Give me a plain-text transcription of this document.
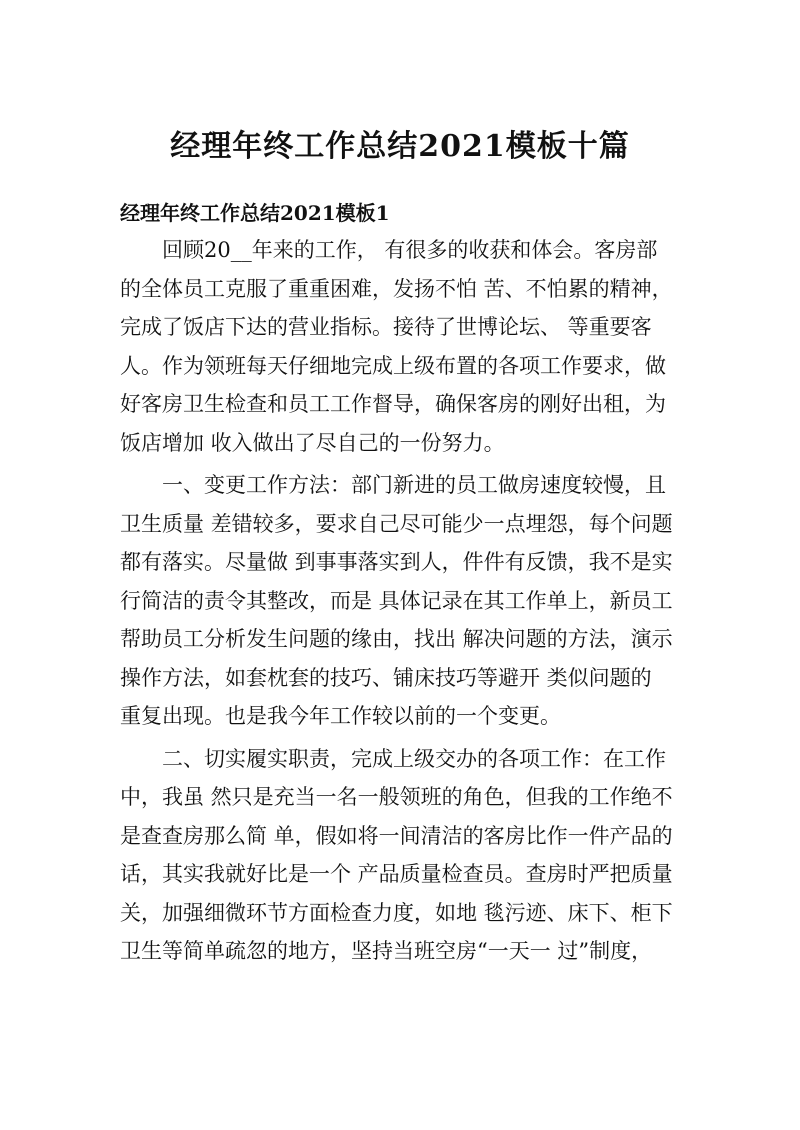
经理年终工作总结2021模板十篇
经理年终工作总结2021模板1
回顾20__年来的工作， 有很多的收获和体会。客房部
的全体员工克服了重重困难，发扬不怕 苦、不怕累的精神，
完成了饭店下达的营业指标。接待了世博论坛、 等重要客
人。作为领班每天仔细地完成上级布置的各项工作要求，做
好客房卫生检查和员工工作督导，确保客房的刚好出租，为
饭店增加 收入做出了尽自己的一份努力。
一、变更工作方法：部门新进的员工做房速度较慢，且
卫生质量 差错较多，要求自己尽可能少一点埋怨，每个问题
都有落实。尽量做 到事事落实到人，件件有反馈，我不是实
行简洁的责令其整改，而是 具体记录在其工作单上，新员工
帮助员工分析发生问题的缘由，找出 解决问题的方法，演示
操作方法，如套枕套的技巧、铺床技巧等避开 类似问题的
重复出现。也是我今年工作较以前的一个变更。
二、切实履实职责，完成上级交办的各项工作：在工作
中，我虽 然只是充当一名一般领班的角色，但我的工作绝不
是查查房那么简 单，假如将一间清洁的客房比作一件产品的
话，其实我就好比是一个 产品质量检查员。查房时严把质量
关，加强细微环节方面检查力度，如地 毯污迹、床下、柜下
卫生等简单疏忽的地方，坚持当班空房“一天一 过”制度，
